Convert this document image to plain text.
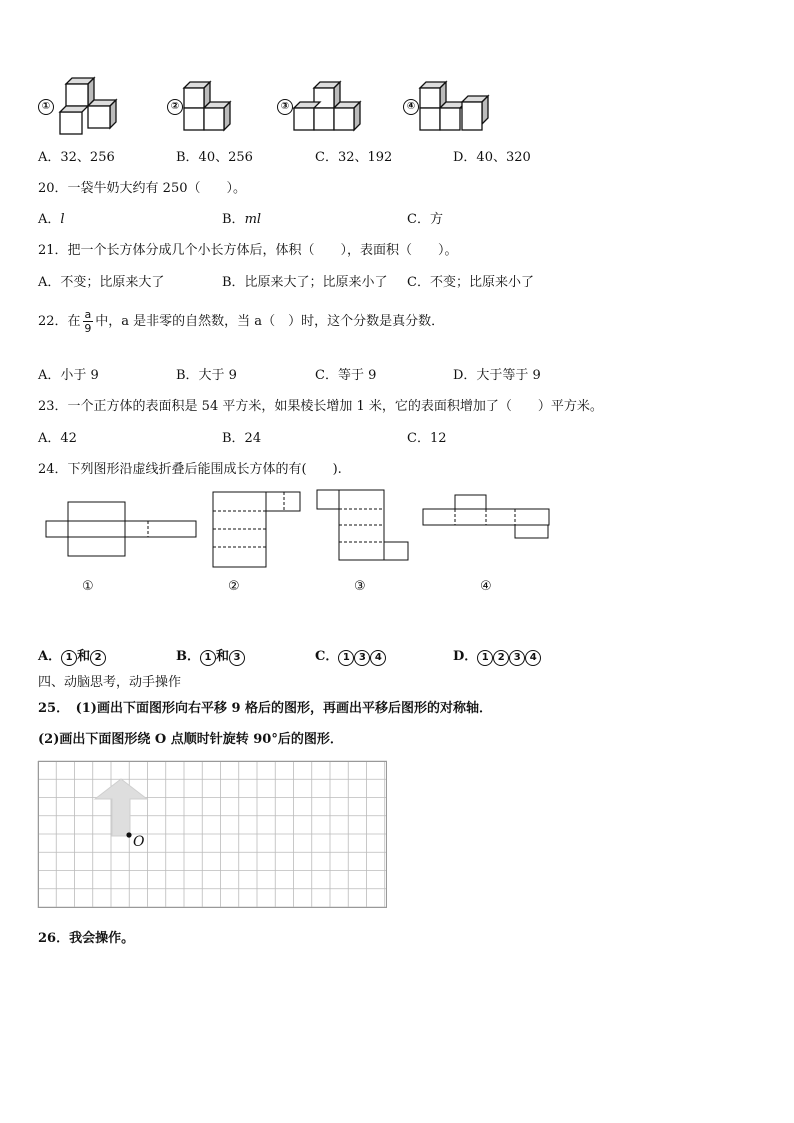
①	②	③	④
A．32、256	B．40、256	C．32、192	D．40、320
20．一袋牛奶大约有 250（　　）。
A．l	B．ml	C．方
21．把一个长方体分成几个小长方体后，体积（　　），表面积（　　）。
A．不变；比原来大了	B．比原来大了；比原来小了 C．不变；比原来小了
22．在 $\frac{a}{9}$ 中，a 是非零的自然数，当 a（　）时，这个分数是真分数．
A．小于 9	B．大于 9	C．等于 9	D．大于等于 9
23．一个正方体的表面积是 54 平方米，如果棱长增加 1 米，它的表面积增加了（　　）平方米。
A．42	B．24	C．12
24．下列图形沿虚线折叠后能围成长方体的有(　　).
①	②	③	④
A． 1 和 2	B． 1 和 3	C． 1 3 4	D． 1 2 3 4
四、动脑思考，动手操作
25．　(1)画出下面图形向右平移 9 格后的图形，再画出平移后图形的对称轴．
(2)画出下面图形绕 O 点顺时针旋转 90°后的图形．
O
26．我会操作。
